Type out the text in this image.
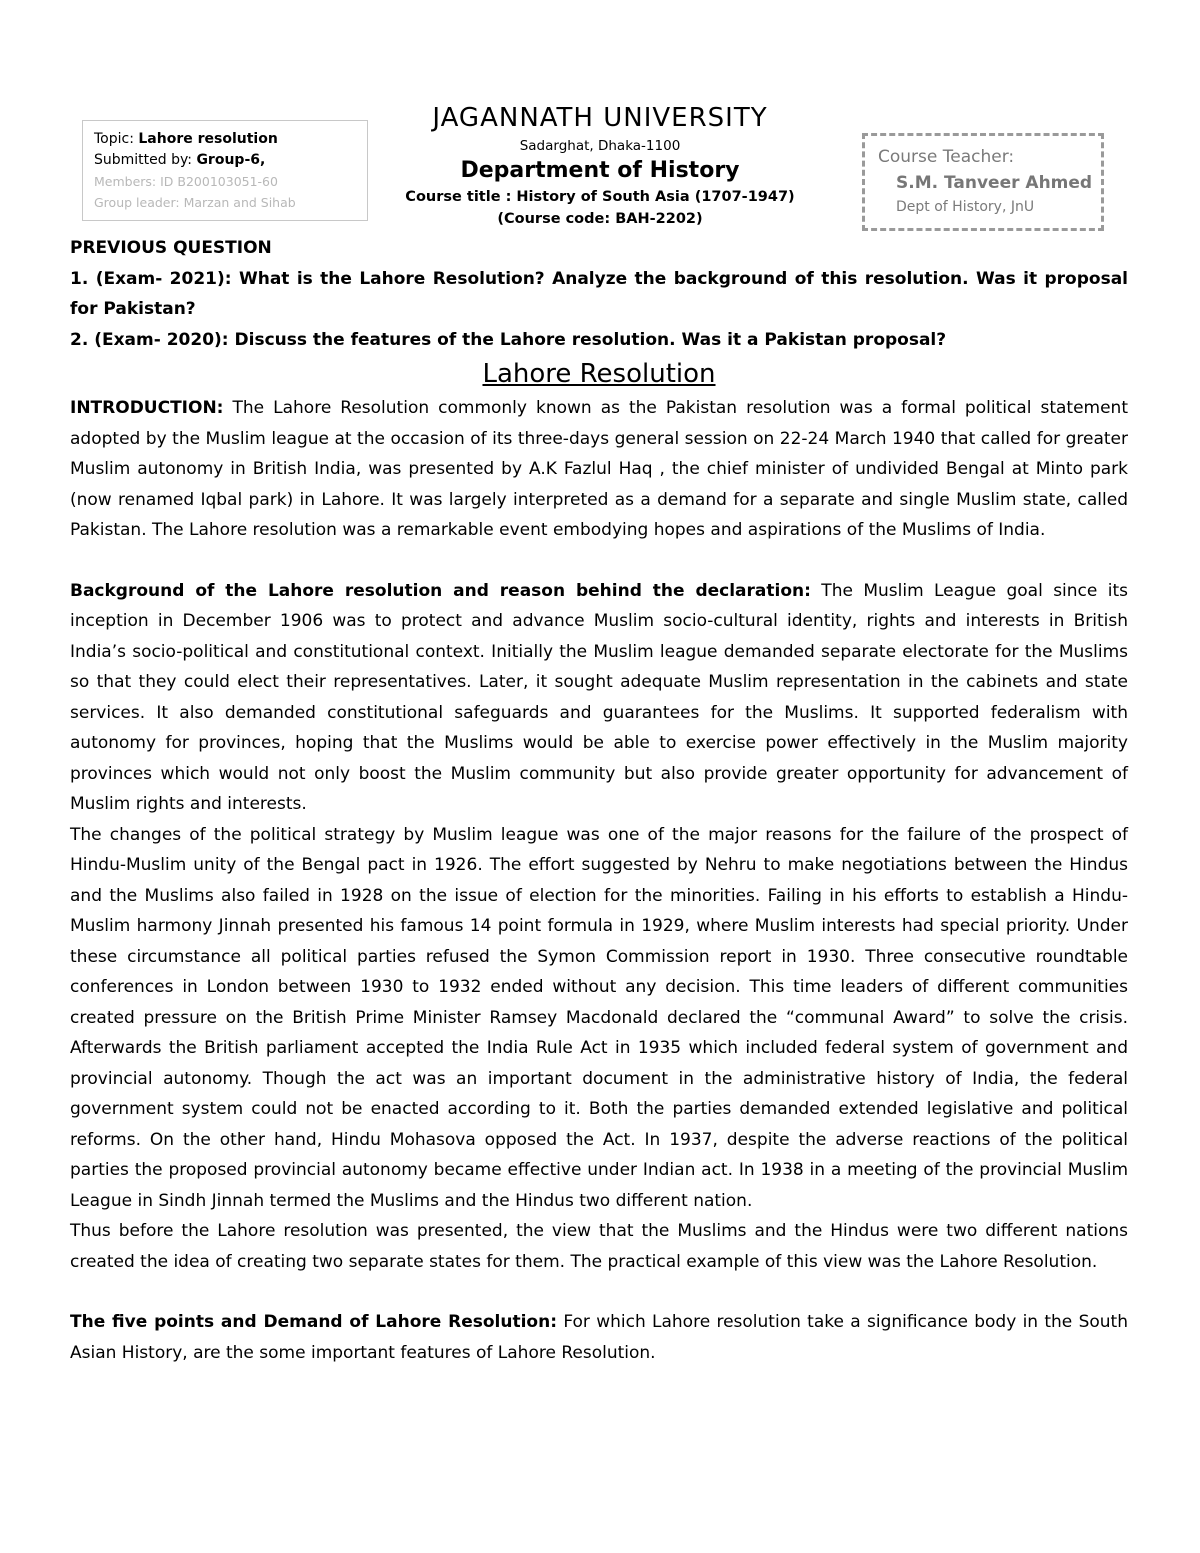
Topic: Lahore resolution
Submitted by: Group-6,
Members: ID B200103051-60
Group leader: Marzan and Sihab
JAGANNATH UNIVERSITY
Sadarghat, Dhaka-1100
Department of History
Course title : History of South Asia (1707-1947)
(Course code: BAH-2202)
Course Teacher:
S.M. Tanveer Ahmed
Dept of History, JnU

PREVIOUS QUESTION

1. (Exam- 2021): What is the Lahore Resolution? Analyze the background of this resolution. Was it proposal for Pakistan?

2. (Exam- 2020): Discuss the features of the Lahore resolution. Was it a Pakistan proposal?

Lahore Resolution

INTRODUCTION: The Lahore Resolution commonly known as the Pakistan resolution was a formal political statement adopted by the Muslim league at the occasion of its three-days general session on 22-24 March 1940 that called for greater Muslim autonomy in British India, was presented by A.K Fazlul Haq , the chief minister of undivided Bengal at Minto park (now renamed Iqbal park) in Lahore. It was largely interpreted as a demand for a separate and single Muslim state, called Pakistan. The Lahore resolution was a remarkable event embodying hopes and aspirations of the Muslims of India.

Background of the Lahore resolution and reason behind the declaration: The Muslim League goal since its inception in December 1906 was to protect and advance Muslim socio-cultural identity, rights and interests in British India’s socio-political and constitutional context. Initially the Muslim league demanded separate electorate for the Muslims so that they could elect their representatives. Later, it sought adequate Muslim representation in the cabinets and state services. It also demanded constitutional safeguards and guarantees for the Muslims. It supported federalism with autonomy for provinces, hoping that the Muslims would be able to exercise power effectively in the Muslim majority provinces which would not only boost the Muslim community but also provide greater opportunity for advancement of Muslim rights and interests.

The changes of the political strategy by Muslim league was one of the major reasons for the failure of the prospect of Hindu-Muslim unity of the Bengal pact in 1926. The effort suggested by Nehru to make negotiations between the Hindus and the Muslims also failed in 1928 on the issue of election for the minorities. Failing in his efforts to establish a Hindu-Muslim harmony Jinnah presented his famous 14 point formula in 1929, where Muslim interests had special priority. Under these circumstance all political parties refused the Symon Commission report in 1930. Three consecutive roundtable conferences in London between 1930 to 1932 ended without any decision. This time leaders of different communities created pressure on the British Prime Minister Ramsey Macdonald declared the “communal Award” to solve the crisis. Afterwards the British parliament accepted the India Rule Act in 1935 which included federal system of government and provincial autonomy. Though the act was an important document in the administrative history of India, the federal government system could not be enacted according to it. Both the parties demanded extended legislative and political reforms. On the other hand, Hindu Mohasova opposed the Act. In 1937, despite the adverse reactions of the political parties the proposed provincial autonomy became effective under Indian act. In 1938 in a meeting of the provincial Muslim League in Sindh Jinnah termed the Muslims and the Hindus two different nation.

Thus before the Lahore resolution was presented, the view that the Muslims and the Hindus were two different nations created the idea of creating two separate states for them. The practical example of this view was the Lahore Resolution.

The five points and Demand of Lahore Resolution: For which Lahore resolution take a significance body in the South Asian History, are the some important features of Lahore Resolution.
